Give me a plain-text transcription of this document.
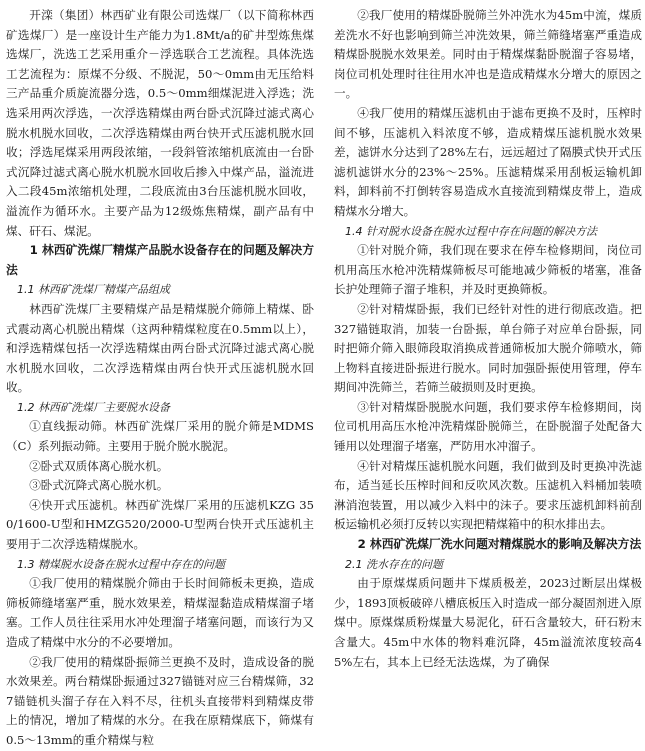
开滦（集团）林西矿业有限公司选煤厂（以下简称林西矿选煤厂）是一座设计生产能力为1.8Mt/a的矿井型炼焦煤选煤厂，洗选工艺采用重介－浮选联合工艺流程。具体洗选工艺流程为：原煤不分级、不脱泥，50～0mm由无压给料三产品重介质旋流器分选，0.5～0mm细煤泥进入浮选；洗选采用两次浮选，一次浮选精煤由两台卧式沉降过滤式离心脱水机脱水回收，二次浮选精煤由两台快开式压滤机脱水回收；浮选尾煤采用两段浓缩，一段斜管浓缩机底流由一台卧式沉降过滤式离心脱水机脱水回收后掺入中煤产品，溢流进入二段45m浓缩机处理，二段底流由3台压滤机脱水回收，溢流作为循环水。主要产品为12级炼焦精煤，副产品有中煤、矸石、煤泥。

1 林西矿洗煤厂精煤产品脱水设备存在的问题及解决方法

1.1 林西矿洗煤厂精煤产品组成

林西矿洗煤厂主要精煤产品是精煤脱介筛筛上精煤、卧式震动离心机脱出精煤（这两种精煤粒度在0.5mm以上），和浮选精煤包括一次浮选精煤由两台卧式沉降过滤式离心脱水机脱水回收，二次浮选精煤由两台快开式压滤机脱水回收。

1.2 林西矿洗煤厂主要脱水设备

①直线振动筛。林西矿洗煤厂采用的脱介筛是MDMS（C）系列振动筛。主要用于脱介脱水脱泥。

②卧式双质体离心脱水机。

③卧式沉降式离心脱水机。

④快开式压滤机。林西矿洗煤厂采用的压滤机KZG 350/1600-U型和HMZG520/2000-U型两台快开式压滤机主要用于二次浮选精煤脱水。

1.3 精煤脱水设备在脱水过程中存在的问题

①我厂使用的精煤脱介筛由于长时间筛板未更换，造成筛板筛缝堵塞严重，脱水效果差，精煤湿黏造成精煤溜子堵塞。工作人员往往采用水冲处理溜子堵塞问题，而该行为又造成了精煤中水分的不必要增加。

②我厂使用的精煤卧振筛兰更换不及时，造成设备的脱水效果差。两台精煤卧振通过327锚链对应三台精煤筛，327锚链机头溜子存在入料不尽，往机头直接带料到精煤皮带上的情况，增加了精煤的水分。在我在原精煤底下，筛煤有0.5～13mm的重介精煤与粒

②我厂使用的精煤卧脱筛兰外冲洗水为45m中流，煤质差洗水不好也影响到筛兰冲洗效果，筛兰筛缝堵塞严重造成精煤卧脱脱水效果差。同时由于精煤煤黏卧脱溜子容易堵，岗位司机处理时往往用水冲也是造成精煤水分增大的原因之一。

④我厂使用的精煤压滤机由于滤布更换不及时，压榨时间不够，压滤机入料浓度不够，造成精煤压滤机脱水效果差，滤饼水分达到了28%左右，远远超过了隔膜式快开式压滤机滤饼水分的23%～25%。压滤精煤采用刮板运输机卸料，卸料前不打倒转容易造成水直接流到精煤皮带上，造成精煤水分增大。

1.4 针对脱水设备在脱水过程中存在问题的解决方法

①针对脱介筛，我们现在要求在停车检修期间，岗位司机用高压水枪冲洗精煤筛板尽可能地减少筛板的堵塞，准备长护处理筛子溜子堆积，并及时更换筛板。

②针对精煤卧振，我们已经针对性的进行彻底改造。把327锚链取消，加装一台卧振，单台筛子对应单台卧振，同时把筛介筛入眼筛段取消换成普通筛板加大脱介筛喷水，筛上物料直接进卧振进行脱水。同时加强卧振使用管理，停车期间冲洗筛兰，若筛兰破损则及时更换。

③针对精煤卧脱脱水问题，我们要求停车检修期间，岗位司机用高压水枪冲洗精煤卧脱筛兰，在卧脱溜子处配备大锤用以处理溜子堵塞，严防用水冲溜子。

④针对精煤压滤机脱水问题，我们做到及时更换冲洗滤布，适当延长压榨时间和反吹风次数。压滤机入料桶加装喷淋消泡装置，用以减少入料中的沫子。要求压滤机卸料前刮板运输机必须打反转以实现把精煤箱中的积水排出去。

2 林西矿洗煤厂洗水问题对精煤脱水的影响及解决方法

2.1 洗水存在的问题

由于原煤煤质问题井下煤质极差，2023过断层出煤极少，1893顶板破碎八槽底板压入时造成一部分凝固剂进入原煤中。原煤煤质粉煤量大易泥化，矸石含量较大，矸石粉末含量大。45m中水体的物料难沉降，45m溢流浓度较高45%左右，其本上已经无法选煤，为了确保
